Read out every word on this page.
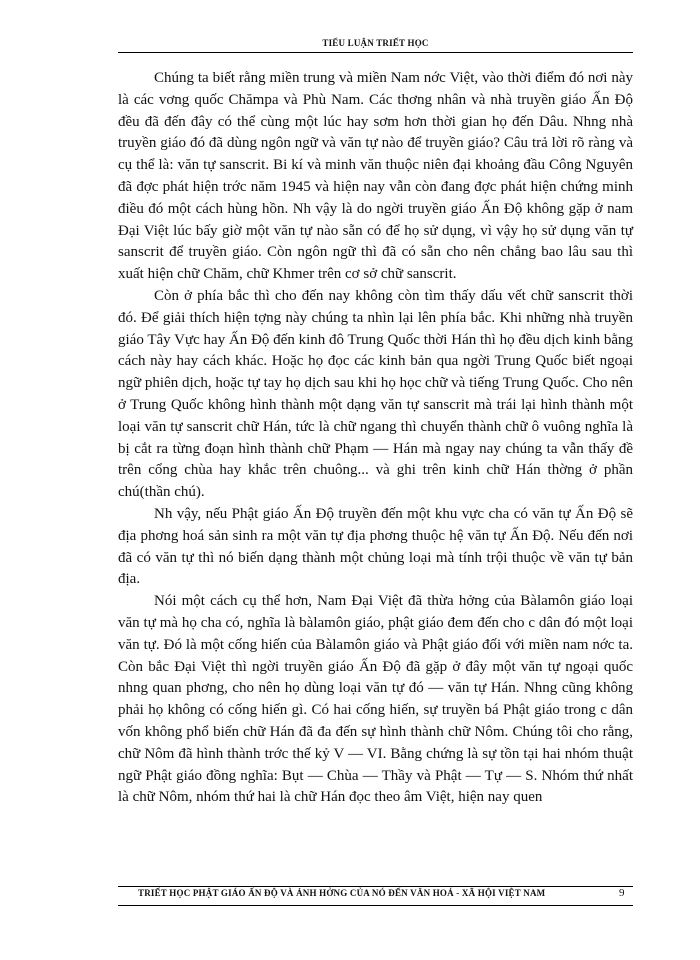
TIỂU LUẬN TRIẾT HỌC

Chúng ta biết rằng miền trung và miền Nam nớc Việt, vào thời điểm đó nơi này là các vơng quốc Chămpa và Phù Nam. Các thơng nhân và nhà truyền giáo Ấn Độ đều đã đến đây có thể cùng một lúc hay sơm hơn thời gian họ đến Dâu. Nhng nhà truyền giáo đó đã dùng ngôn ngữ và văn tự nào để truyền giáo? Câu trả lời rõ ràng và cụ thể là: văn tự sanscrit. Bi kí và minh văn thuộc niên đại khoảng đầu Công Nguyên đã đợc phát hiện trớc năm 1945 và hiện nay vẫn còn đang đợc phát hiện chứng minh điều đó một cách hùng hồn. Nh vậy là do ngời truyền giáo Ấn Độ không gặp ở nam Đại Việt lúc bấy giờ một văn tự nào sẵn có để họ sử dụng, vì vậy họ sử dụng văn tự sanscrit để truyền giáo. Còn ngôn ngữ thì đã có sẵn cho nên chẳng bao lâu sau thì xuất hiện chữ Chăm, chữ Khmer trên cơ sở chữ sanscrit.

Còn ở phía bắc thì cho đến nay không còn tìm thấy dấu vết chữ sanscrit thời đó. Để giải thích hiện tợng này chúng ta nhìn lại lên phía bắc. Khi những nhà truyền giáo Tây Vực hay Ấn Độ đến kinh đô Trung Quốc thời Hán thì họ đều dịch kinh bằng cách này hay cách khác. Hoặc họ đọc các kinh bản qua ngời Trung Quốc biết ngoại ngữ phiên dịch, hoặc tự tay họ dịch sau khi họ học chữ và tiếng Trung Quốc. Cho nên ở Trung Quốc không hình thành một dạng văn tự sanscrit mà trái lại hình thành một loại văn tự sanscrit chữ Hán, tức là chữ ngang thì chuyển thành chữ ô vuông nghĩa là bị cắt ra từng đoạn hình thành chữ Phạm — Hán mà ngay nay chúng ta vẫn thấy đề trên cổng chùa hay khắc trên chuông... và ghi trên kinh chữ Hán thờng ở phần chú(thần chú).

Nh vậy, nếu Phật giáo Ấn Độ truyền đến một khu vực cha có văn tự Ấn Độ sẽ địa phơng hoá sản sinh ra một văn tự địa phơng thuộc hệ văn tự Ấn Độ. Nếu đến nơi đã có văn tự thì nó biến dạng thành một chủng loại mà tính trội thuộc về văn tự bản địa.

Nói một cách cụ thể hơn, Nam Đại Việt đã thừa hởng của Bàlamôn giáo loại văn tự mà họ cha có, nghĩa là bàlamôn giáo, phật giáo đem đến cho c dân đó một loại văn tự. Đó là một cống hiến của Bàlamôn giáo và Phật giáo đối với miền nam nớc ta. Còn bắc Đại Việt thì ngời truyền giáo Ấn Độ đã gặp ở đây một văn tự ngoại quốc nhng quan phơng, cho nên họ dùng loại văn tự đó — văn tự Hán. Nhng cũng không phải họ không có cống hiến gì. Có hai cống hiến, sự truyền bá Phật giáo trong c dân vốn không phổ biến chữ Hán đã đa đến sự hình thành chữ Nôm. Chúng tôi cho rằng, chữ Nôm đã hình thành trớc thế kỷ V — VI. Bằng chứng là sự tồn tại hai nhóm thuật ngữ Phật giáo đồng nghĩa: Bụt — Chùa — Thầy và Phật — Tự — S. Nhóm thứ nhất là chữ Nôm, nhóm thứ hai là chữ Hán đọc theo âm Việt, hiện nay quen

TRIẾT HỌC PHẬT GIÁO ẤN ĐỘ VÀ ẢNH HỞNG CỦA NÓ ĐẾN VĂN HOÁ - XÃ HỘI VIỆT NAM	9
